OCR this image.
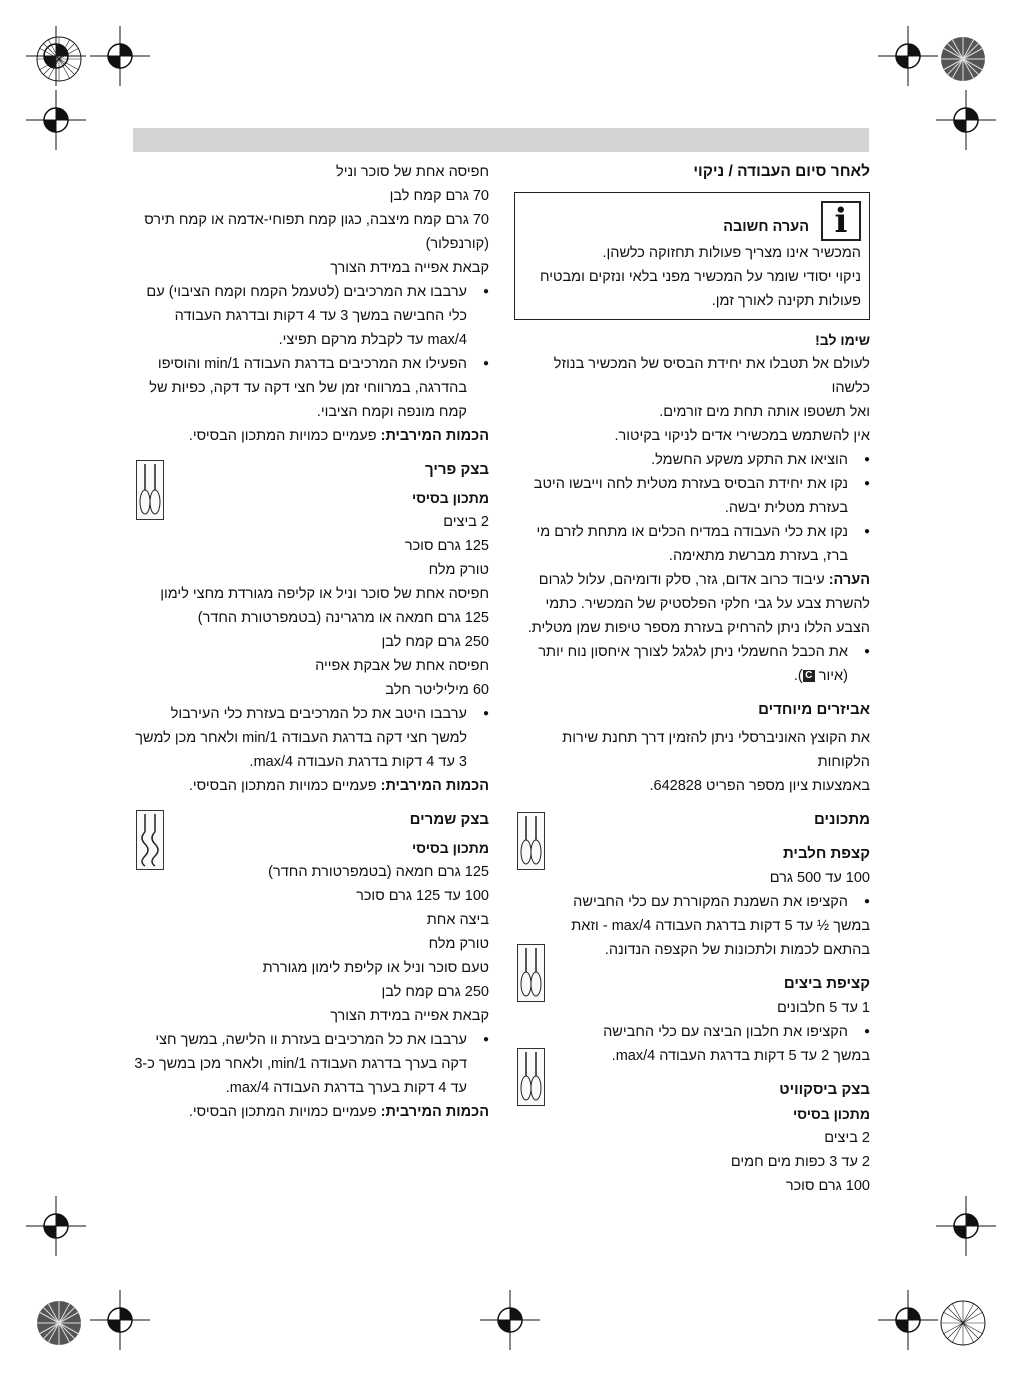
לאחר סיום העבודה / ניקוי
i
הערה חשובה
המכשיר אינו מצריך פעולות תחזוקה כלשהן.
ניקוי יסודי שומר על המכשיר מפני בלאי ונזקים ומבטיח
פעולות תקינה לאורך זמן.
שימו לב!
לעולם אל תטבלו את יחידת הבסיס של המכשיר בנוזל כלשהו
ואל תשטפו אותה תחת מים זורמים.
אין להשתמש במכשירי אדים לניקוי בקיטור.
● הוציאו את התקע משקע החשמל.
● נקו את יחידת הבסיס בעזרת מטלית לחה וייבשו היטב בעזרת מטלית יבשה.
● נקו את כלי העבודה במדיח הכלים או מתחת לזרם מי ברז, בעזרת מברשת מתאימה.
הערה: עיבוד כרוב אדום, גזר, סלק ודומיהם, עלול לגרום להשרת צבע על גבי חלקי הפלסטיק של המכשיר. כתמי הצבע הללו ניתן להרחיק בעזרת מספר טיפות שמן מטלית.
● את הכבל החשמלי ניתן לגלגל לצורך איחסון נוח יותר (איור C).
אביזרים מיוחדים
את הקוצץ האוניברסלי ניתן להזמין דרך תחנת שירות הלקוחות
באמצעות ציון מספר הפריט 642828.
מתכונים
קצפת חלבית
100 עד 500 גרם
● הקציפו את השמנת המקוררת עם כלי החבישה
במשך ½ עד 5 דקות בדרגת העבודה max/4 - וזאת
בהתאם לכמות ולתכונות של הקצפה הנדונה.
קציפת ביצים
1 עד 5 חלבונים
● הקציפו את חלבון הביצה עם כלי החבישה
במשך 2 עד 5 דקות בדרגת העבודה max/4.
בצק ביסקוויט
מתכון בסיסי
2 ביצים
2 עד 3 כפות מים חמים
100 גרם סוכר
חפיסה אחת של סוכר וניל
70 גרם קמח לבן
70 גרם קמח מיצבה, כגון קמח תפוחי-אדמה או קמח תירס
(קורנפלור)
קבאת אפייה במידת הצורך
● ערבבו את המרכיבים (לטעמל הקמח וקמח הציבוי) עם כלי החבישה במשך 3 עד 4 דקות ובדרגת העבודה max/4 עד לקבלת מרקם תפיצי.
● הפעילו את המרכיבים בדרגת העבודה min/1 והוסיפו בהדרגה, במרווחי זמן של חצי דקה עד דקה, כפיות של קמח מונפה וקמח הציבוי.
הכמות המירבית: פעמיים כמויות המתכון הבסיסי.
בצק פריך
מתכון בסיסי
2 ביצים
125 גרם סוכר
טורק מלח
חפיסה אחת של סוכר וניל או קליפה מגורדת מחצי לימון
125 גרם חמאה או מרגרינה (בטמפרטורת החדר)
250 גרם קמח לבן
חפיסה אחת של אבקת אפייה
60 מיליליטר חלב
● ערבבו היטב את כל המרכיבים בעזרת כלי העירבול למשך חצי דקה בדרגת העבודה min/1 ולאחר מכן למשך 3 עד 4 דקות בדרגת העבודה max/4.
הכמות המירבית: פעמיים כמויות המתכון הבסיסי.
בצק שמרים
מתכון בסיסי
125 גרם חמאה (בטמפרטורת החדר)
100 עד 125 גרם סוכר
ביצה אחת
טורק מלח
טעם סוכר וניל או קליפת לימון מגוררת
250 גרם קמח לבן
קבאת אפייה במידת הצורך
● ערבבו את כל המרכיבים בעזרת וו הלישה, במשך חצי דקה בערך בדרגת העבודה min/1, ולאחר מכן במשך כ-3 עד 4 דקות בערך בדרגת העבודה max/4.
הכמות המירבית: פעמיים כמויות המתכון הבסיסי.
